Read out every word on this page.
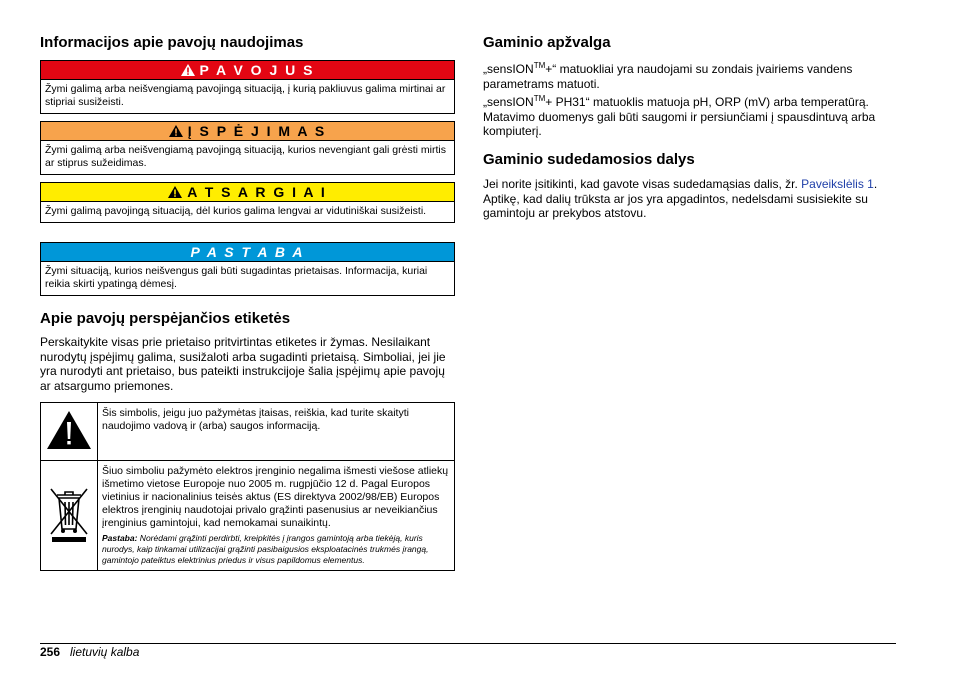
Informacijos apie pavojų naudojimas
P A V O J U S
Žymi galimą arba neišvengiamą pavojingą situaciją, į kurią pakliuvus galima mirtinai ar stipriai susižeisti.
Į S P Ė J I M A S
Žymi galimą arba neišvengiamą pavojingą situaciją, kurios nevengiant gali grėsti mirtis ar stiprus sužeidimas.
A T S A R G I A I
Žymi galimą pavojingą situaciją, dėl kurios galima lengvai ar vidutiniškai susižeisti.
P A S T A B A
Žymi situaciją, kurios neišvengus gali būti sugadintas prietaisas. Informacija, kuriai reikia skirti ypatingą dėmesį.
Apie pavojų perspėjančios etiketės

Perskaitykite visas prie prietaiso pritvirtintas etiketes ir žymas. Nesilaikant nurodytų įspėjimų galima, susižaloti arba sugadinti prietaisą. Simboliai, jei jie yra nurodyti ant prietaiso, bus pateikti instrukcijoje šalia įspėjimų apie pavojų ar atsargumo priemones.

	Šis simbolis, jeigu juo pažymėtas įtaisas, reiškia, kad turite skaityti naudojimo vadovą ir (arba) saugos informaciją.

Šiuo simboliu pažymėto elektros įrenginio negalima išmesti viešose atliekų išmetimo vietose Europoje nuo 2005 m. rugpjūčio 12 d. Pagal Europos vietinius ir nacionalinius teisės aktus (ES direktyva 2002/98/EB) Europos elektros įrenginių naudotojai privalo grąžinti pasenusius ar neveikiančius įrenginius gamintojui, kad nemokamai sunaikintų.
Pastaba: Norėdami grąžinti perdirbti, kreipkitės į įrangos gamintoją arba tiekėją, kuris nurodys, kaip tinkamai utilizacijai grąžinti pasibaigusios eksploatacinės trukmės įrangą, gamintojo pateiktus elektrinius priedus ir visus papildomus elementus.
Gaminio apžvalga

„sensION™+“ matuokliai yra naudojami su zondais įvairiems vandens parametrams matuoti.

„sensION™+ PH31“ matuoklis matuoja pH, ORP (mV) arba temperatūrą. Matavimo duomenys gali būti saugomi ir persiunčiami į spausdintuvą arba kompiuterį.

Gaminio sudedamosios dalys

Jei norite įsitikinti, kad gavote visas sudedamąsias dalis, žr. Paveikslėlis 1. Aptikę, kad dalių trūksta ar jos yra apgadintos, nedelsdami susisiekite su gamintoju ar prekybos atstovu.

256 lietuvių kalba
